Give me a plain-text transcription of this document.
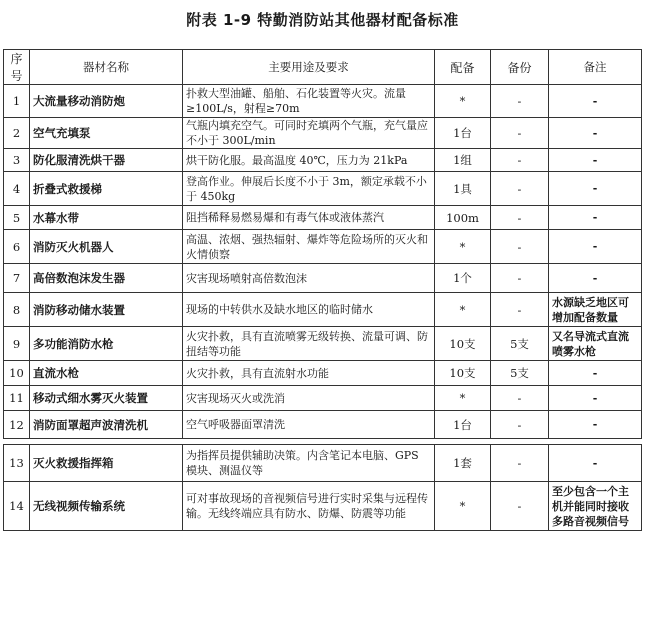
附表 1-9 特勤消防站其他器材配备标准
序号	器材名称	主要用途及要求	配备	备份	备注
1	大流量移动消防炮	扑救大型油罐、船舶、石化装置等火灾。流量≥100L/s，射程≥70m	*	-	-
2	空气充填泵	气瓶内填充空气。可同时充填两个气瓶，充气量应不小于 300L/min	1台	-	-
3	防化服清洗烘干器	烘干防化服。最高温度 40℃，压力为 21kPa	1组	-	-
4	折叠式救援梯	登高作业。伸展后长度不小于 3m，额定承载不小于 450kg	1具	-	-
5	水幕水带	阻挡稀释易燃易爆和有毒气体或液体蒸汽	100m	-	-
6	消防灭火机器人	高温、浓烟、强热辐射、爆炸等危险场所的灭火和火情侦察	*	-	-
7	高倍数泡沫发生器	灾害现场喷射高倍数泡沫	1个	-	-
8	消防移动储水装置	现场的中转供水及缺水地区的临时储水	*	-	水源缺乏地区可增加配备数量
9	多功能消防水枪	火灾扑救，具有直流喷雾无级转换、流量可调、防扭结等功能	10支	5支	又名导流式直流喷雾水枪
10	直流水枪	火灾扑救，具有直流射水功能	10支	5支	-
11	移动式细水雾灭火装置	灾害现场灭火或洗消	*	-	-
12	消防面罩超声波清洗机	空气呼吸器面罩清洗	1台	-	-

13	灭火救援指挥箱	为指挥员提供辅助决策。内含笔记本电脑、GPS 模块、测温仪等	1套	-	-
14	无线视频传输系统	可对事故现场的音视频信号进行实时采集与远程传输。无线终端应具有防水、防爆、防震等功能	*	-	至少包含一个主机并能同时接收多路音视频信号
